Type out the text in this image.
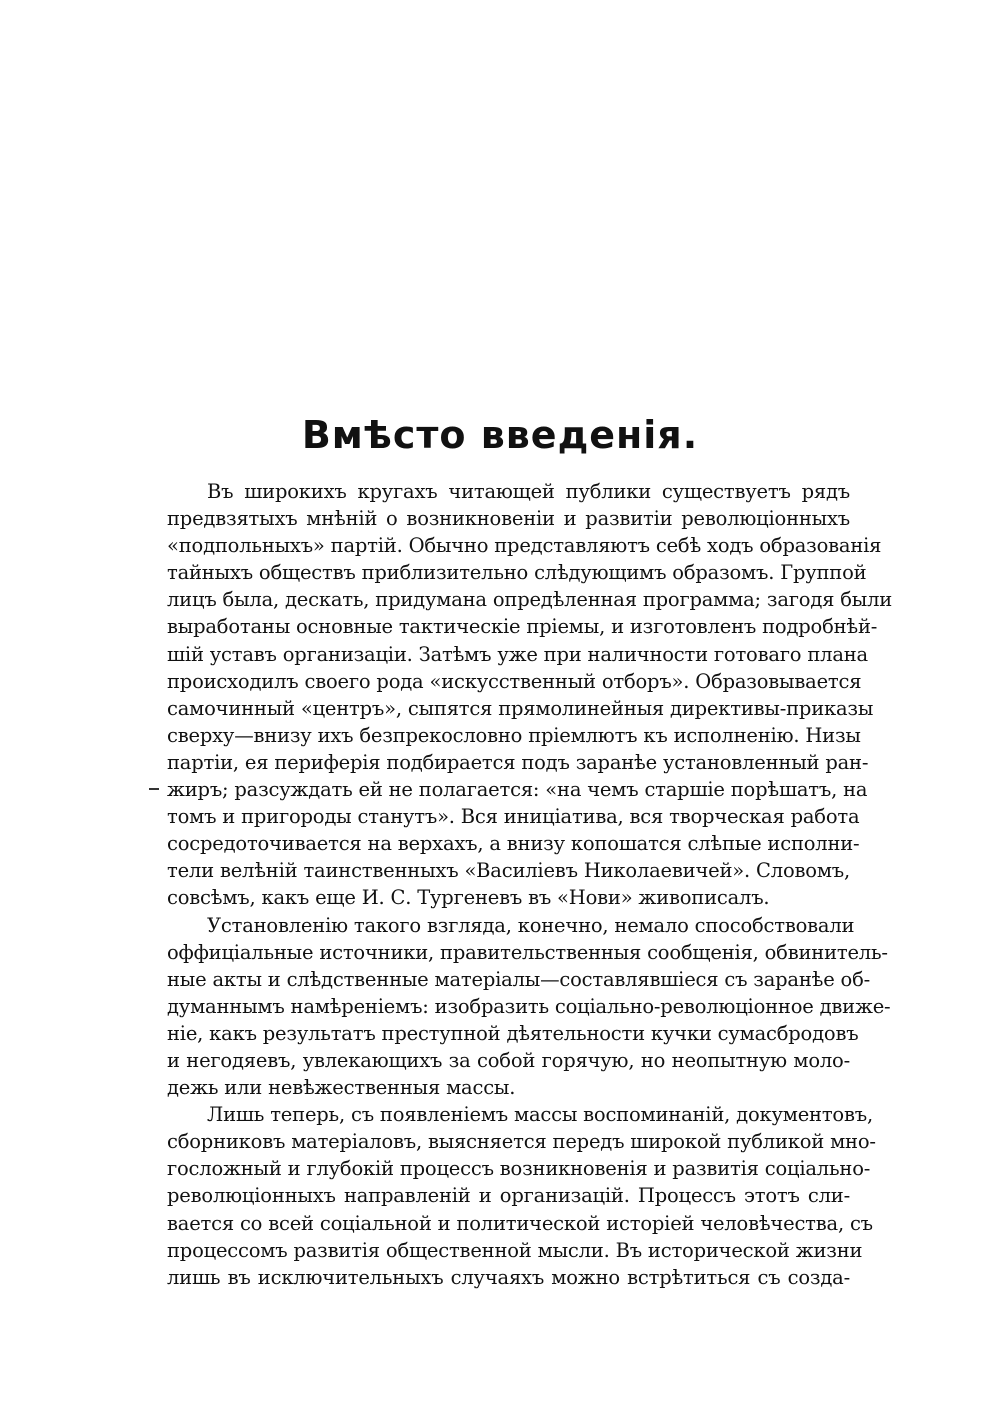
Вмѣсто введенія.
Въ широкихъ кругахъ читающей публики существуетъ рядъ
предвзятыхъ мнѣній о возникновеніи и развитіи революціонныхъ
«подпольныхъ» партій. Обычно представляютъ себѣ ходъ образованія
тайныхъ обществъ приблизительно слѣдующимъ образомъ. Группой
лицъ была, дескать, придумана опредѣленная программа; загодя были
выработаны основные тактическіе пріемы, и изготовленъ подробнѣй-
шій уставъ организаціи. Затѣмъ уже при наличности готоваго плана
происходилъ своего рода «искусственный отборъ». Образовывается
самочинный «центръ», сыпятся прямолинейныя директивы-приказы
сверху—внизу ихъ безпрекословно пріемлютъ къ исполненію. Низы
партіи, ея периферія подбирается подъ заранѣе установленный ран-
жиръ; разсуждать ей не полагается: «на чемъ старшіе порѣшатъ, на
томъ и пригороды станутъ». Вся иниціатива, вся творческая работа
сосредоточивается на верхахъ, а внизу копошатся слѣпые исполни-
тели велѣній таинственныхъ «Василіевъ Николаевичей». Словомъ,
совсѣмъ, какъ еще И. С. Тургеневъ въ «Нови» живописалъ.
Установленію такого взгляда, конечно, немало способствовали
оффиціальные источники, правительственныя сообщенія, обвинитель-
ные акты и слѣдственные матеріалы—составлявшіеся съ заранѣе об-
думаннымъ намѣреніемъ: изобразить соціально-революціонное движе-
ніе, какъ результатъ преступной дѣятельности кучки сумасбродовъ
и негодяевъ, увлекающихъ за собой горячую, но неопытную моло-
дежь или невѣжественныя массы.
Лишь теперь, съ появленіемъ массы воспоминаній, документовъ,
сборниковъ матеріаловъ, выясняется передъ широкой публикой мно-
госложный и глубокій процессъ возникновенія и развитія соціально-
революціонныхъ направленій и организацій. Процессъ этотъ сли-
вается со всей соціальной и политической исторіей человѣчества, съ
процессомъ развитія общественной мысли. Въ исторической жизни
лишь въ исключительныхъ случаяхъ можно встрѣтиться съ созда-
